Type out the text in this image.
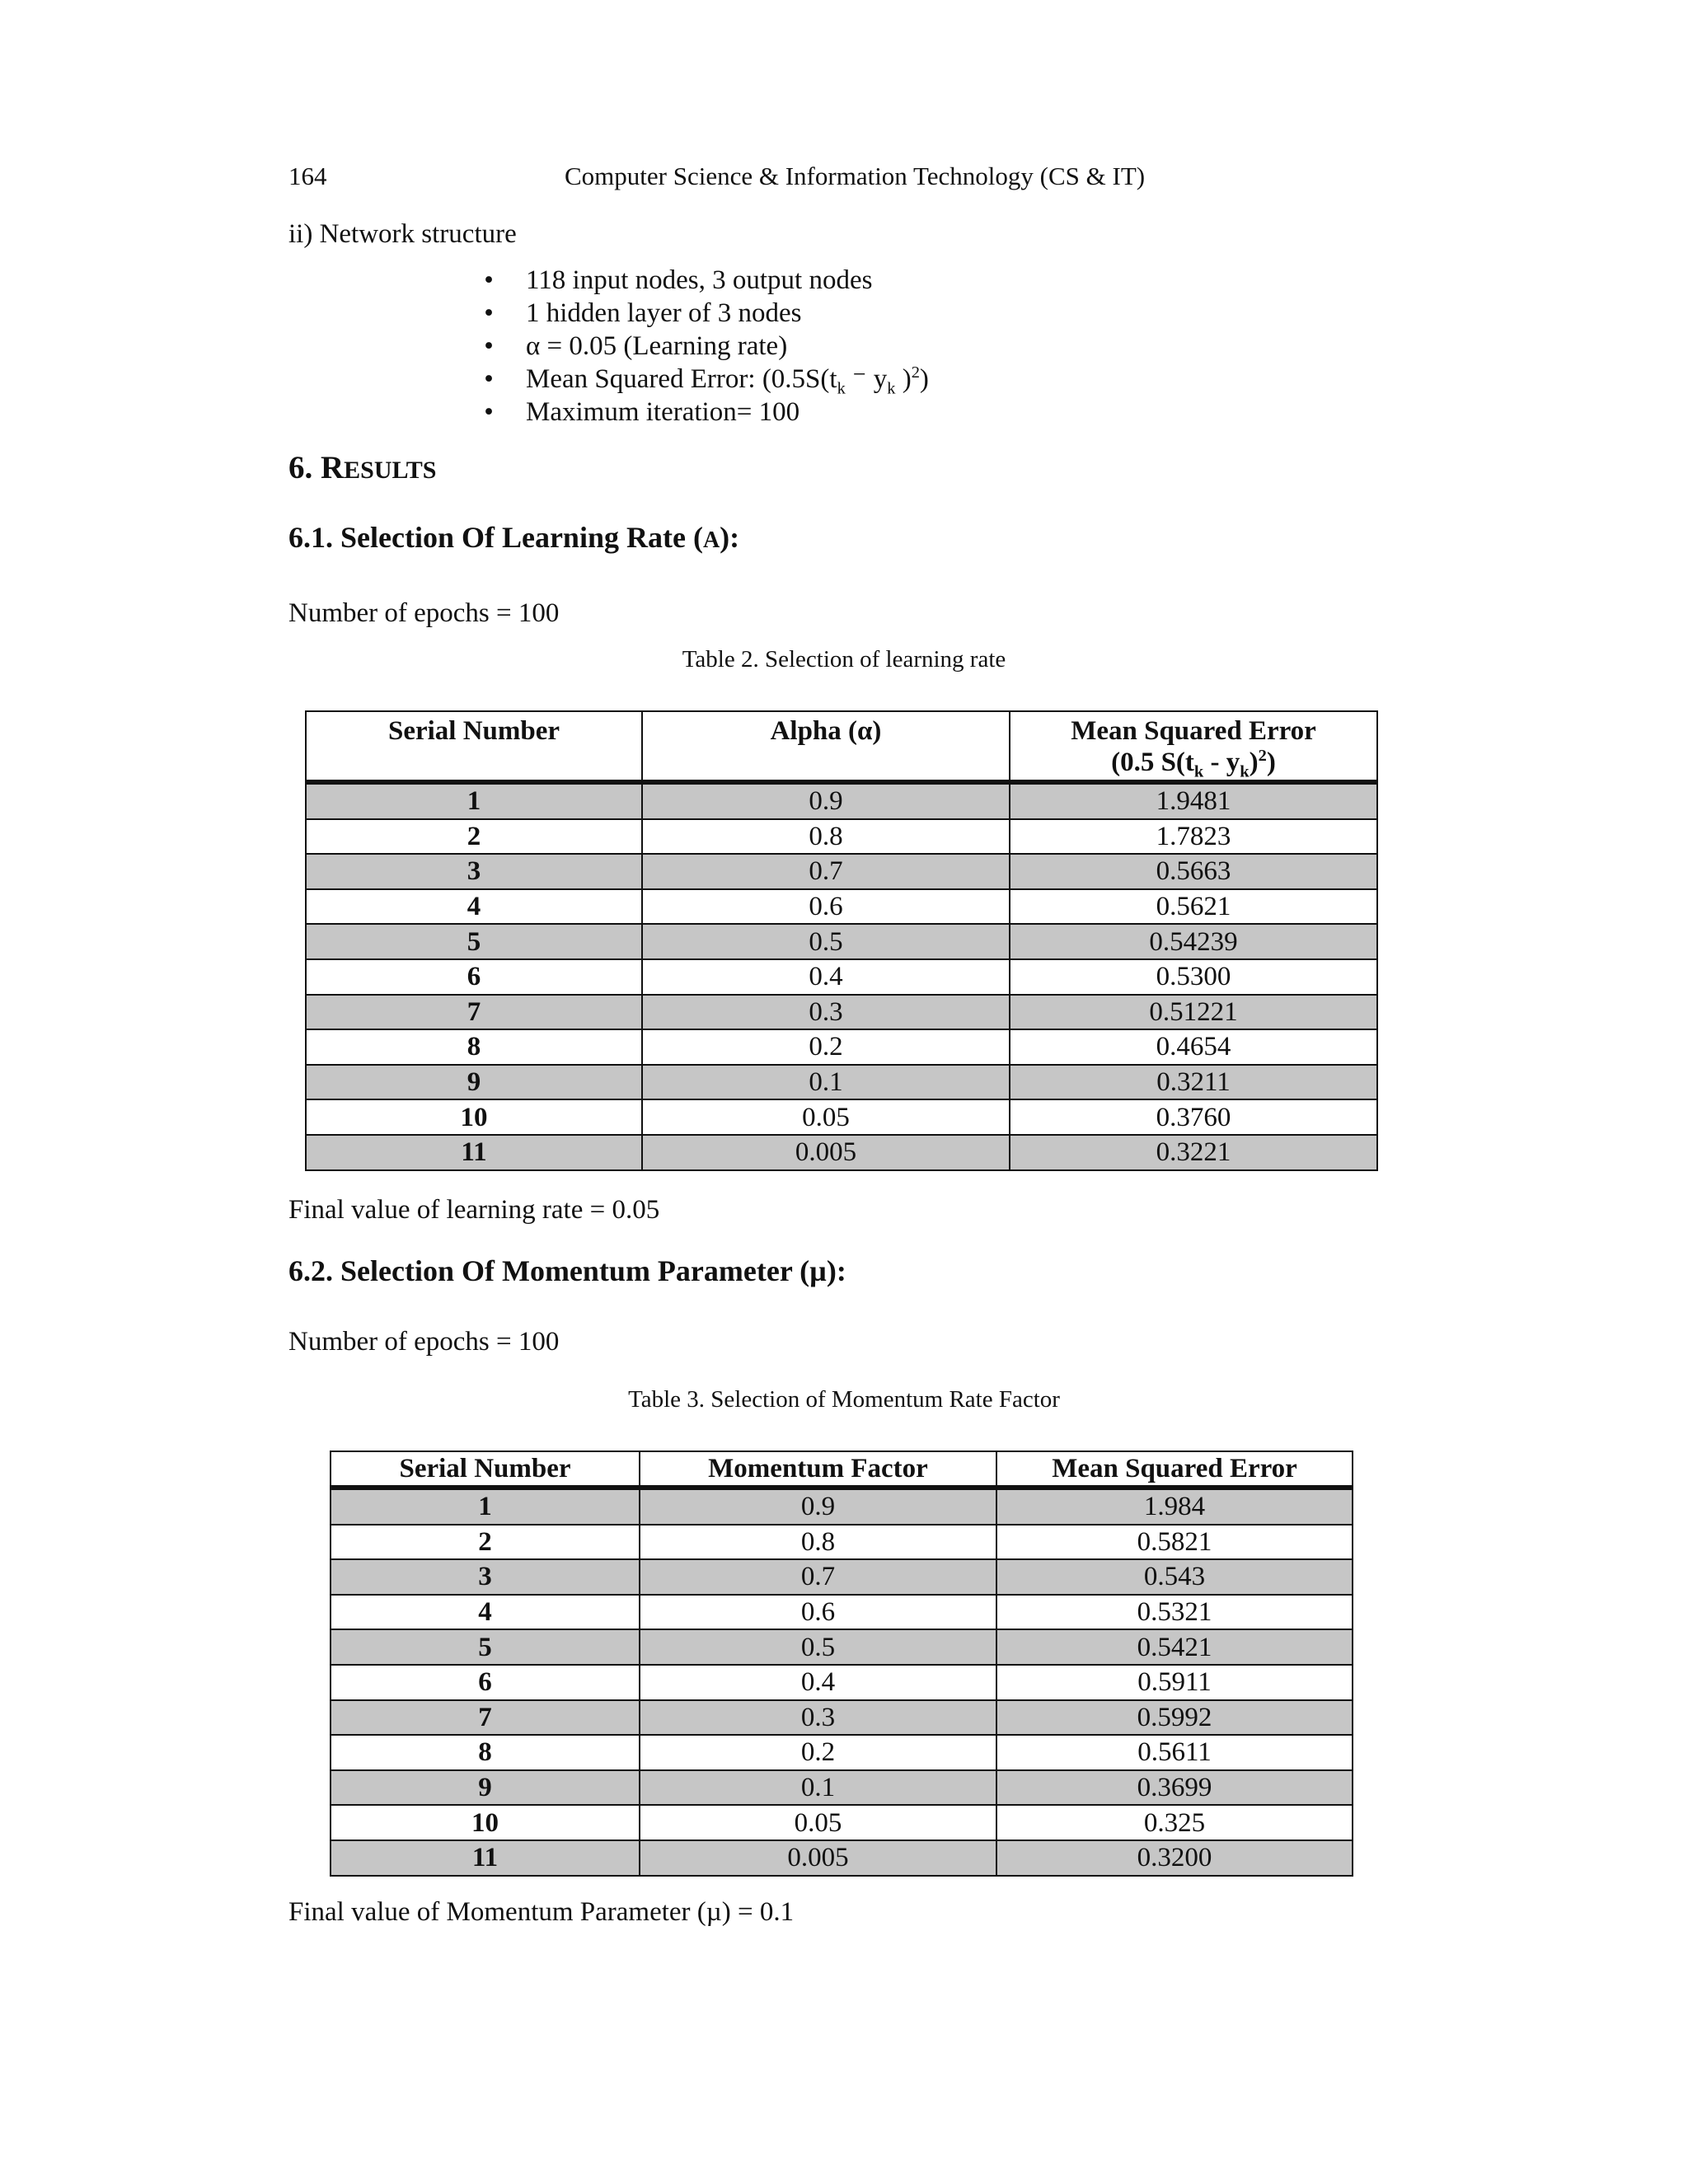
164	Computer Science & Information Technology (CS & IT)
ii) Network structure
• 118 input nodes, 3 output nodes
• 1 hidden layer of 3 nodes
• α = 0.05 (Learning rate)
• Mean Squared Error: ($0.5S(t_k$ ⁻ $y_k$ )$^2$)
• Maximum iteration= 100
6. RESULTS
6.1. Selection Of Learning Rate (A):
Number of epochs = 100
Table 2. Selection of learning rate
Serial Number	Alpha (α)	Mean Squared Error
(0.5 $S(t_k - y_k)^2$)
1	0.9	1.9481
2	0.8	1.7823
3	0.7	0.5663
4	0.6	0.5621
5	0.5	0.54239
6	0.4	0.5300
7	0.3	0.51221
8	0.2	0.4654
9	0.1	0.3211
10	0.05	0.3760
11	0.005	0.3221
Final value of learning rate = 0.05
6.2. Selection Of Momentum Parameter (µ):
Number of epochs = 100
Table 3. Selection of Momentum Rate Factor
Serial Number	Momentum Factor	Mean Squared Error
1	0.9	1.984
2	0.8	0.5821
3	0.7	0.543
4	0.6	0.5321
5	0.5	0.5421
6	0.4	0.5911
7	0.3	0.5992
8	0.2	0.5611
9	0.1	0.3699
10	0.05	0.325
11	0.005	0.3200
Final value of Momentum Parameter (µ) = 0.1
